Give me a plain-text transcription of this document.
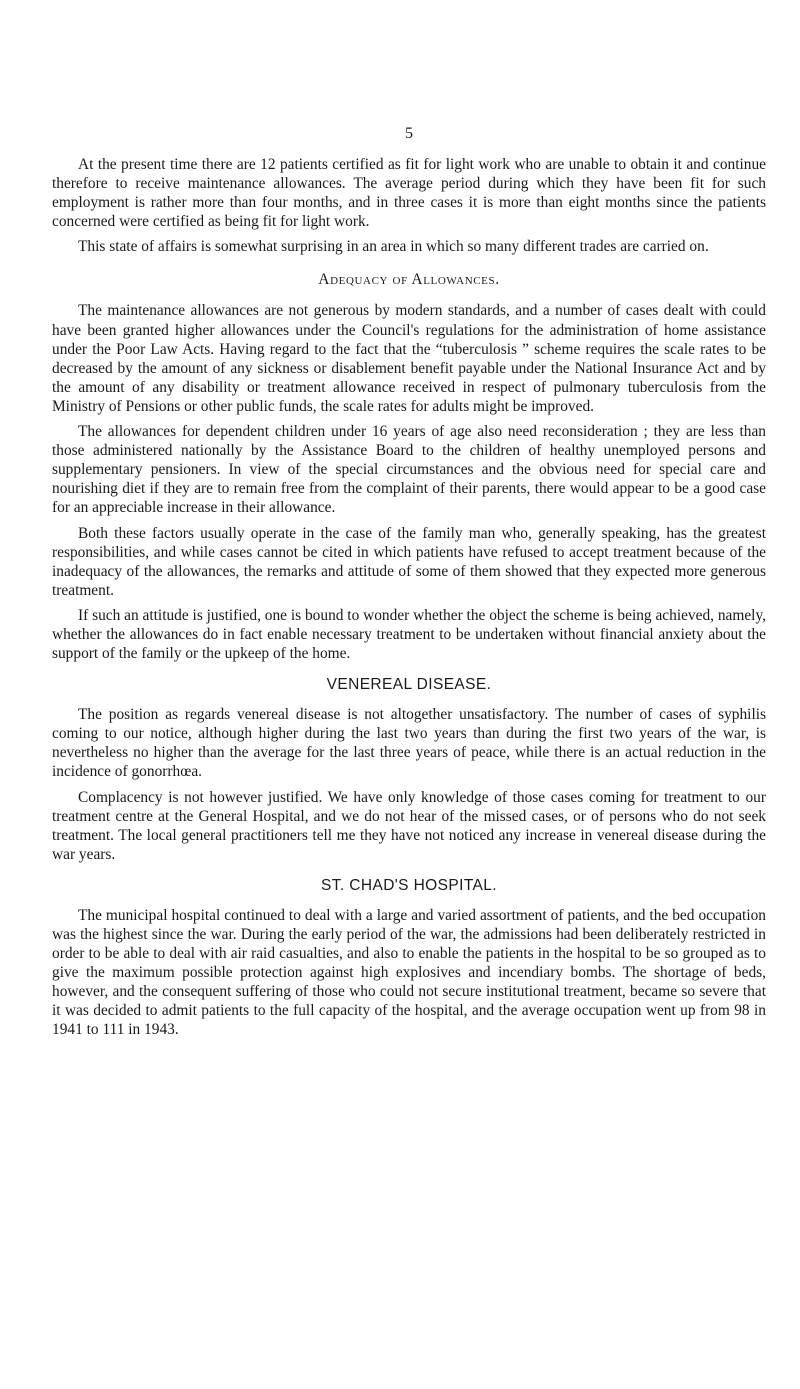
5

At the present time there are 12 patients certified as fit for light work who are unable to obtain it and continue therefore to receive maintenance allowances. The average period during which they have been fit for such employment is rather more than four months, and in three cases it is more than eight months since the patients concerned were certified as being fit for light work.

This state of affairs is somewhat surprising in an area in which so many different trades are carried on.

Adequacy of Allowances.

The maintenance allowances are not generous by modern standards, and a number of cases dealt with could have been granted higher allowances under the Council's regulations for the administration of home assistance under the Poor Law Acts. Having regard to the fact that the “tuberculosis ” scheme requires the scale rates to be decreased by the amount of any sickness or disablement benefit payable under the National Insurance Act and by the amount of any disability or treatment allowance received in respect of pulmonary tuberculosis from the Ministry of Pensions or other public funds, the scale rates for adults might be improved.

The allowances for dependent children under 16 years of age also need reconsideration ; they are less than those administered nationally by the Assistance Board to the children of healthy unemployed persons and supplementary pensioners. In view of the special circumstances and the obvious need for special care and nourishing diet if they are to remain free from the complaint of their parents, there would appear to be a good case for an appreciable increase in their allowance.

Both these factors usually operate in the case of the family man who, generally speaking, has the greatest responsibilities, and while cases cannot be cited in which patients have refused to accept treatment because of the inadequacy of the allowances, the remarks and attitude of some of them showed that they expected more generous treatment.

If such an attitude is justified, one is bound to wonder whether the object the scheme is being achieved, namely, whether the allowances do in fact enable necessary treatment to be undertaken without financial anxiety about the support of the family or the upkeep of the home.

VENEREAL DISEASE.

The position as regards venereal disease is not altogether unsatisfactory. The number of cases of syphilis coming to our notice, although higher during the last two years than during the first two years of the war, is nevertheless no higher than the average for the last three years of peace, while there is an actual reduction in the incidence of gonorrhœa.

Complacency is not however justified. We have only knowledge of those cases coming for treatment to our treatment centre at the General Hospital, and we do not hear of the missed cases, or of persons who do not seek treatment. The local general practitioners tell me they have not noticed any increase in venereal disease during the war years.

ST. CHAD'S HOSPITAL.

The municipal hospital continued to deal with a large and varied assortment of patients, and the bed occupation was the highest since the war. During the early period of the war, the admissions had been deliberately restricted in order to be able to deal with air raid casualties, and also to enable the patients in the hospital to be so grouped as to give the maximum possible protection against high explosives and incendiary bombs. The shortage of beds, however, and the consequent suffering of those who could not secure institutional treatment, became so severe that it was decided to admit patients to the full capacity of the hospital, and the average occupation went up from 98 in 1941 to 111 in 1943.
